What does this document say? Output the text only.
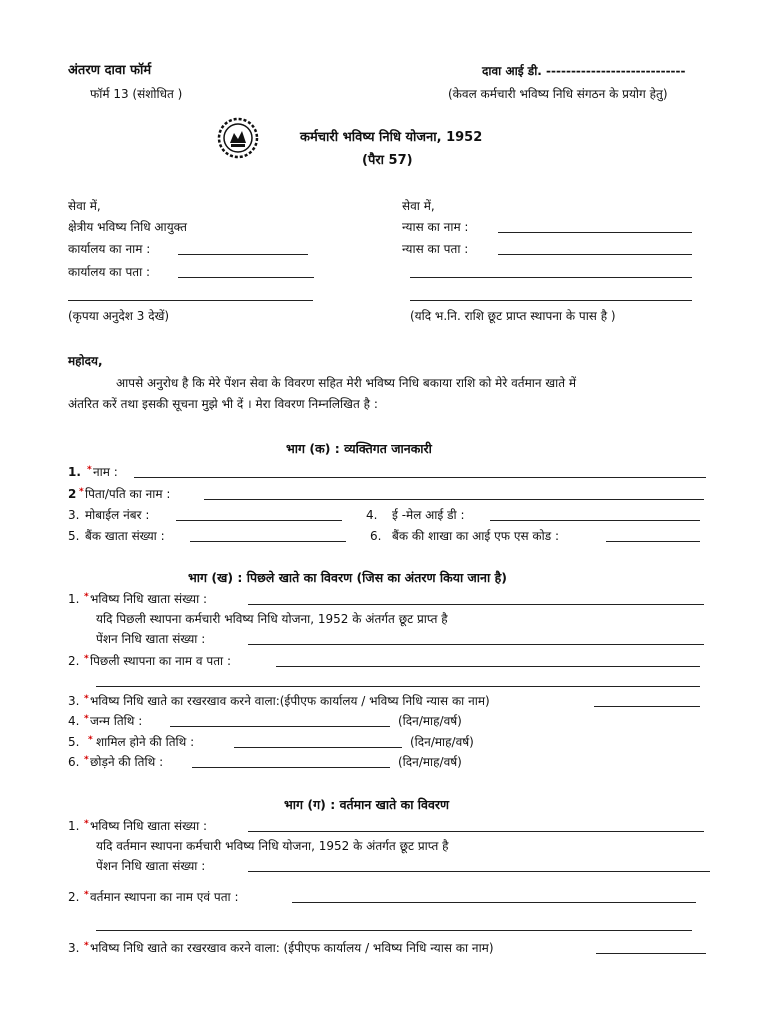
अंतरण दावा फॉर्म	दावा आई डी. ----------------------------
फॉर्म 13 (संशोधित )	(केवल कर्मचारी भविष्य निधि संगठन के प्रयोग हेतु)
कर्मचारी भविष्य निधि योजना, 1952
(पैरा 57)
सेवा में,
क्षेत्रीय भविष्य निधि आयुक्त
कार्यालय का नाम :
कार्यालय का पता :
(कृपया अनुदेश 3 देखें)
सेवा में,
न्यास का नाम :
न्यास का पता :
(यदि भ.नि. राशि छूट प्राप्त स्थापना के पास है )
महोदय,
आपसे अनुरोध है कि मेरे पेंशन सेवा के विवरण सहित मेरी भविष्य निधि बकाया राशि को मेरे वर्तमान खाते में
अंतरित करें तथा इसकी सूचना मुझे भी दें । मेरा विवरण निम्नलिखित है :
भाग (क) : व्यक्तिगत जानकारी
1. * नाम :
2 * पिता/पति का नाम :
3. मोबाईल नंबर :	4. ई -मेल आई डी :
5. बैंक खाता संख्या :	6. बैंक की शाखा का आई एफ एस कोड :
भाग (ख) : पिछले खाते का विवरण (जिस का अंतरण किया जाना है)
1. * भविष्य निधि खाता संख्या :
यदि पिछली स्थापना कर्मचारी भविष्य निधि योजना, 1952 के अंतर्गत छूट प्राप्त है
पेंशन निधि खाता संख्या :
2. * पिछली स्थापना का नाम व पता :
3. * भविष्य निधि खाते का रखरखाव करने वाला:(ईपीएफ कार्यालय / भविष्य निधि न्यास का नाम)
4. * जन्म तिथि :	(दिन/माह/वर्ष)
5. * शामिल होने की तिथि :	(दिन/माह/वर्ष)
6. * छोड़ने की तिथि :	(दिन/माह/वर्ष)
भाग (ग) : वर्तमान खाते का विवरण
1. * भविष्य निधि खाता संख्या :
यदि वर्तमान स्थापना कर्मचारी भविष्य निधि योजना, 1952 के अंतर्गत छूट प्राप्त है
पेंशन निधि खाता संख्या :
2. * वर्तमान स्थापना का नाम एवं पता :
3. * भविष्य निधि खाते का रखरखाव करने वाला: (ईपीएफ कार्यालय / भविष्य निधि न्यास का नाम)
